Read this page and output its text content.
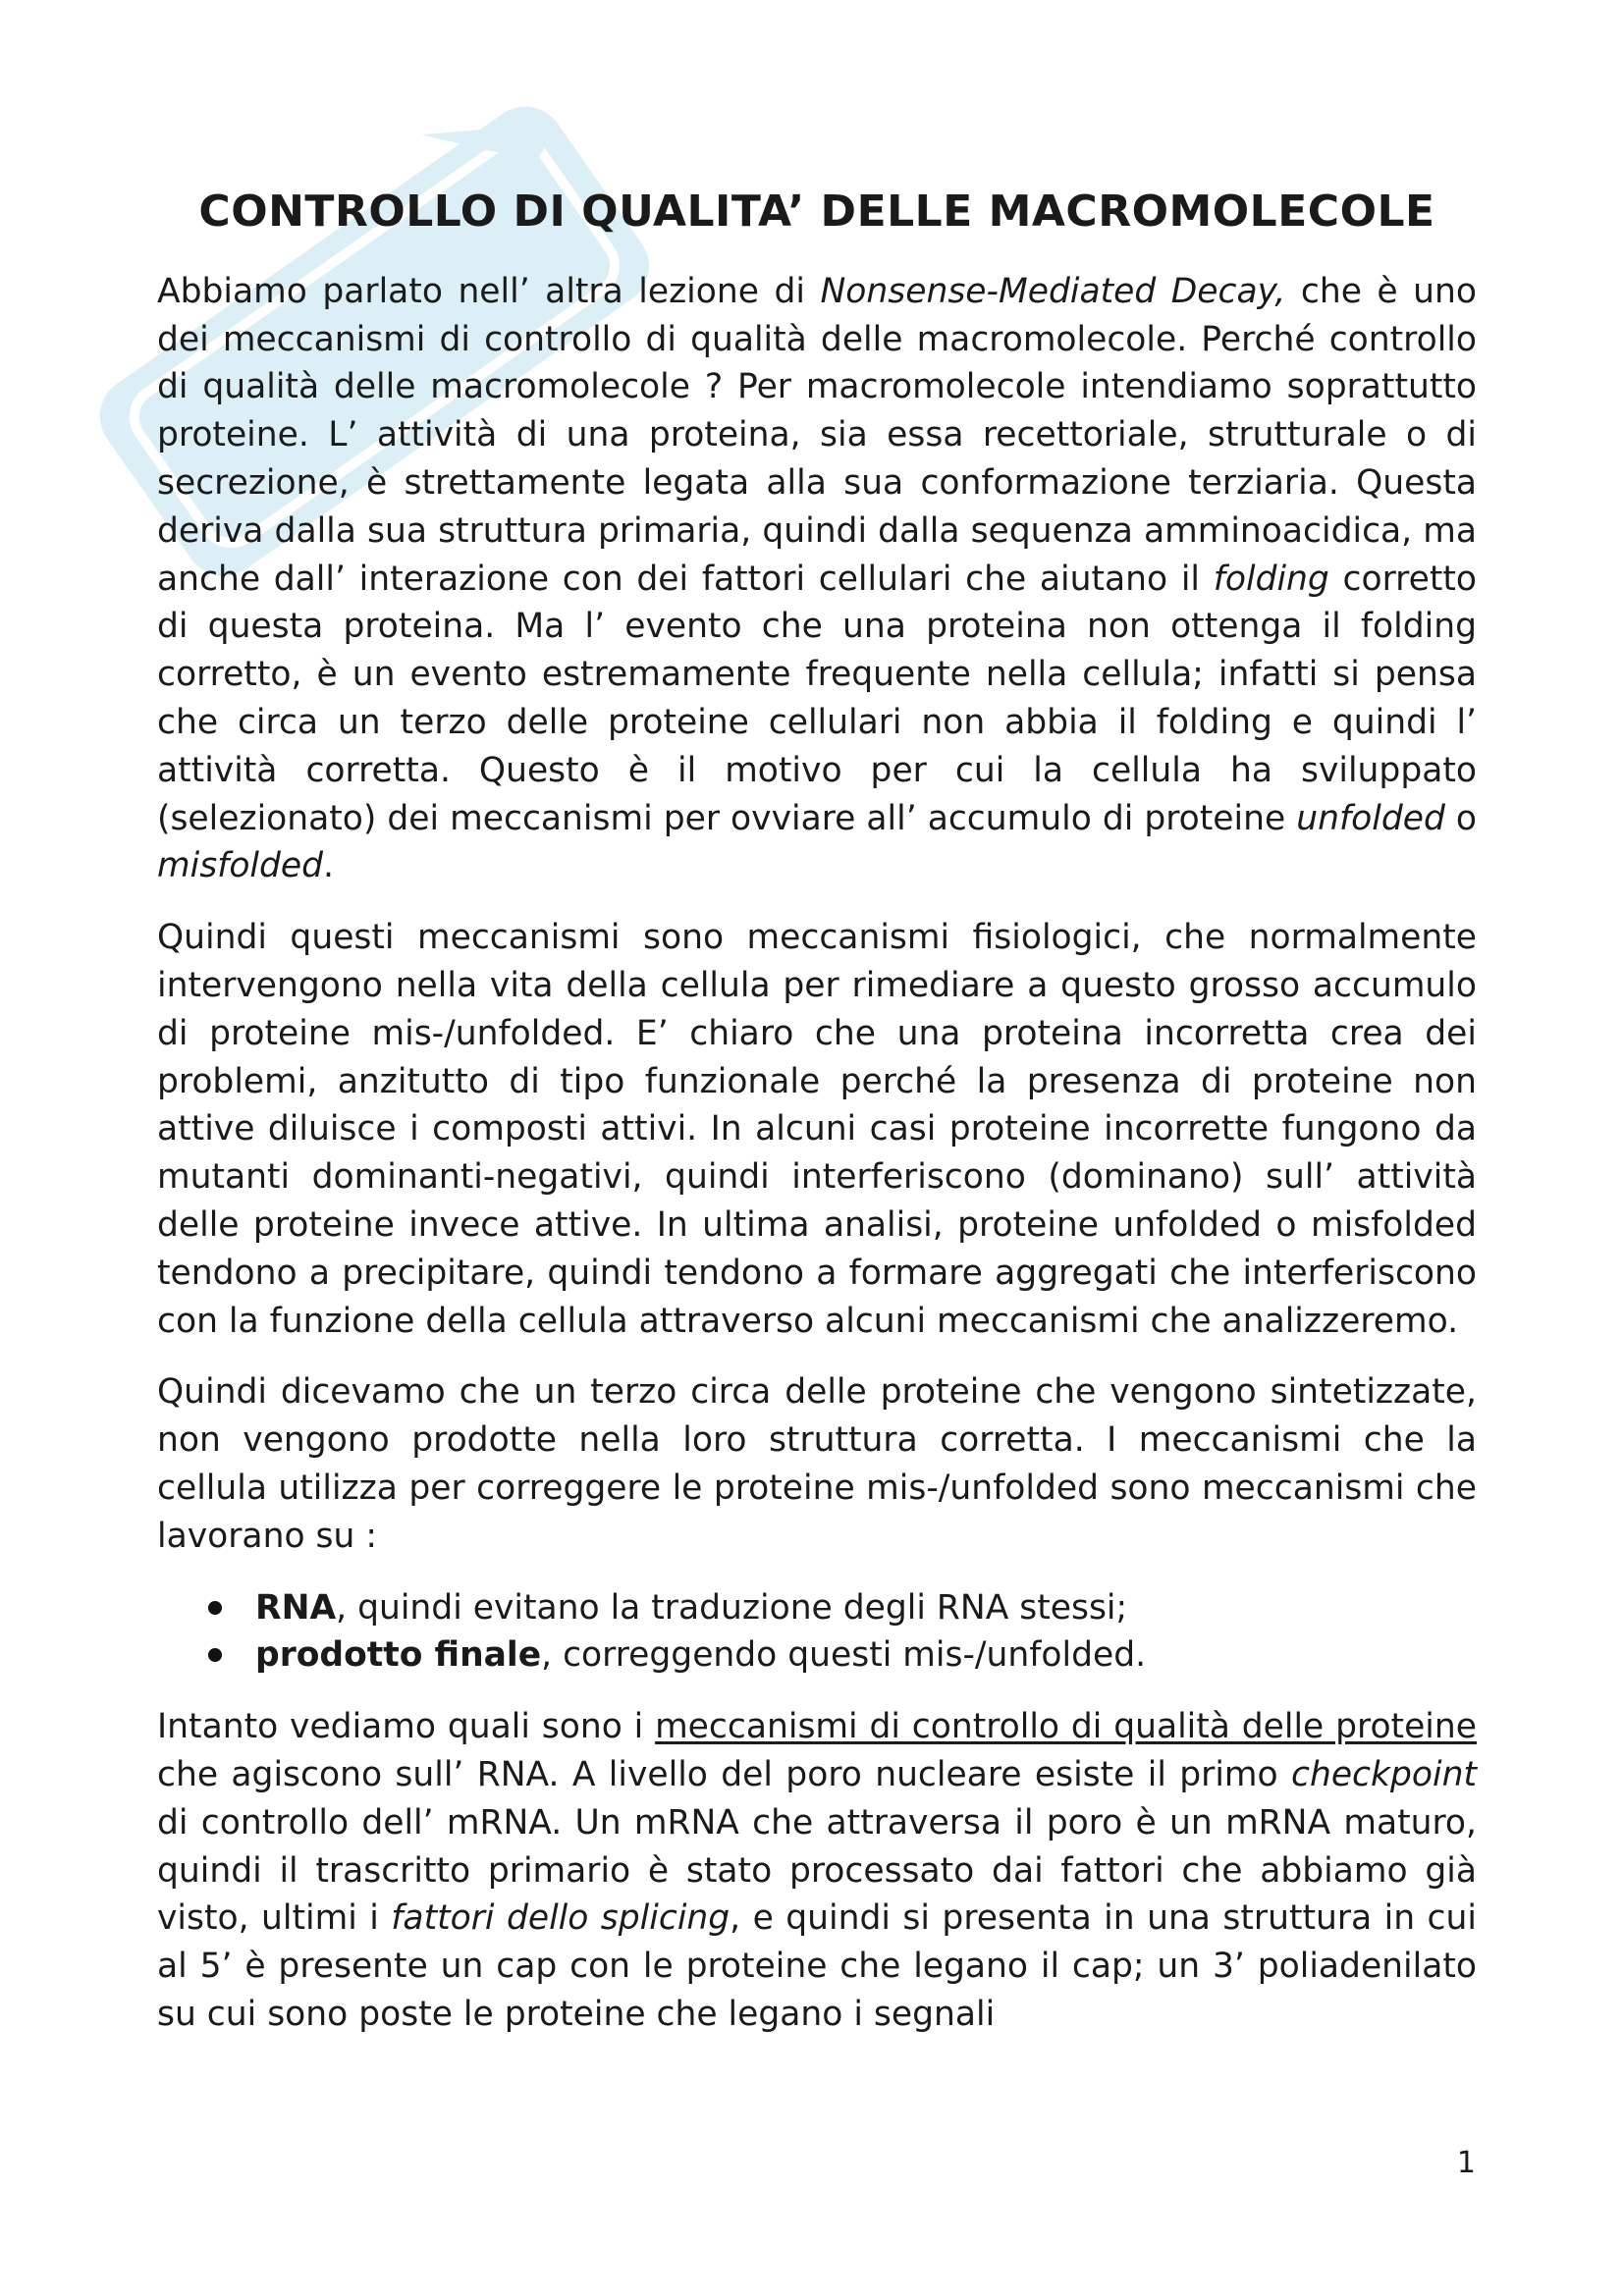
CONTROLLO DI QUALITA’ DELLE MACROMOLECOLE

Abbiamo parlato nell’ altra lezione di Nonsense-Mediated Decay, che è uno dei meccanismi di controllo di qualità delle macromolecole. Perché controllo di qualità delle macromolecole ? Per macromolecole intendiamo soprattutto proteine. L’ attività di una proteina, sia essa recettoriale, strutturale o di secrezione, è strettamente legata alla sua conformazione terziaria. Questa deriva dalla sua struttura primaria, quindi dalla sequenza amminoacidica, ma anche dall’ interazione con dei fattori cellulari che aiutano il folding corretto di questa proteina. Ma l’ evento che una proteina non ottenga il folding corretto, è un evento estremamente frequente nella cellula; infatti si pensa che circa un terzo delle proteine cellulari non abbia il folding e quindi l’ attività corretta. Questo è il motivo per cui la cellula ha sviluppato (selezionato) dei meccanismi per ovviare all’ accumulo di proteine unfolded o misfolded.

Quindi questi meccanismi sono meccanismi fisiologici, che normalmente intervengono nella vita della cellula per rimediare a questo grosso accumulo di proteine mis-/unfolded. E’ chiaro che una proteina incorretta crea dei problemi, anzitutto di tipo funzionale perché la presenza di proteine non attive diluisce i composti attivi. In alcuni casi proteine incorrette fungono da mutanti dominanti-negativi, quindi interferiscono (dominano) sull’ attività delle proteine invece attive. In ultima analisi, proteine unfolded o misfolded tendono a precipitare, quindi tendono a formare aggregati che interferiscono con la funzione della cellula attraverso alcuni meccanismi che analizzeremo.

Quindi dicevamo che un terzo circa delle proteine che vengono sintetizzate, non vengono prodotte nella loro struttura corretta. I meccanismi che la cellula utilizza per correggere le proteine mis-/unfolded sono meccanismi che lavorano su :

RNA, quindi evitano la traduzione degli RNA stessi;
prodotto finale, correggendo questi mis-/unfolded.

Intanto vediamo quali sono i meccanismi di controllo di qualità delle proteine che agiscono sull’ RNA. A livello del poro nucleare esiste il primo checkpoint di controllo dell’ mRNA. Un mRNA che attraversa il poro è un mRNA maturo, quindi il trascritto primario è stato processato dai fattori che abbiamo già visto, ultimi i fattori dello splicing, e quindi si presenta in una struttura in cui al 5’ è presente un cap con le proteine che legano il cap; un 3’ poliadenilato su cui sono poste le proteine che legano i segnali

1
